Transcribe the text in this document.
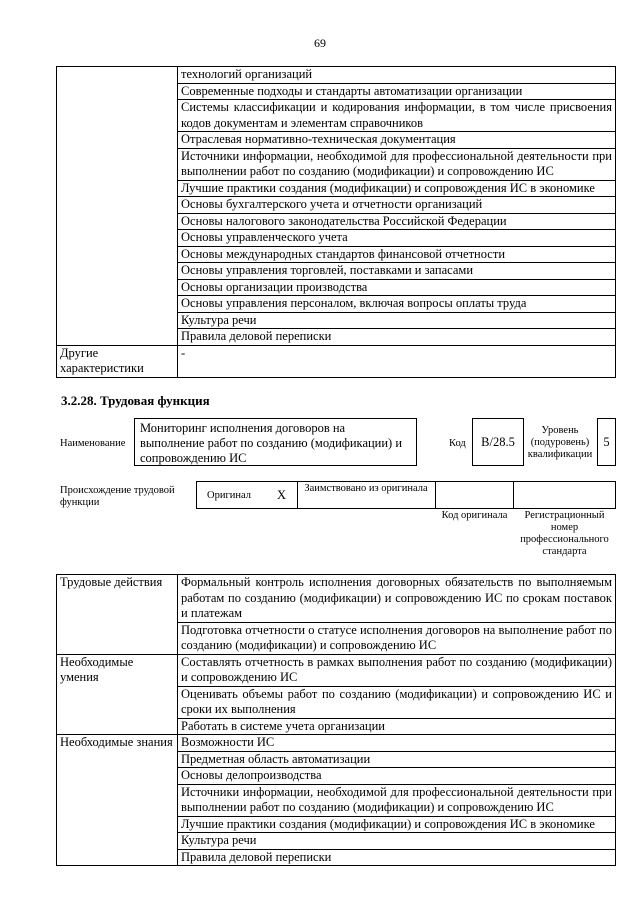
69
	технологий организаций
	Современные подходы и стандарты автоматизации организации
	Системы классификации и кодирования информации, в том числе присвоения кодов документам и элементам справочников
	Отраслевая нормативно-техническая документация
	Источники информации, необходимой для профессиональной деятельности при выполнении работ по созданию (модификации) и сопровождению ИС
	Лучшие практики создания (модификации) и сопровождения ИС в экономике
	Основы бухгалтерского учета и отчетности организаций
	Основы налогового законодательства Российской Федерации
	Основы управленческого учета
	Основы международных стандартов финансовой отчетности
	Основы управления торговлей, поставками и запасами
	Основы организации производства
	Основы управления персоналом, включая вопросы оплаты труда
	Культура речи
	Правила деловой переписки
Другие характеристики	-
3.2.28. Трудовая функция
Наименование
Мониторинг исполнения договоров на выполнение работ по созданию (модификации) и сопровождению ИС
Код	B/28.5
Уровень (подуровень) квалификации
5
Происхождение трудовой функции
Оригинал X	Заимствовано из оригинала
Код оригинала	Регистрационный номер профессионального стандарта
Трудовые действия	Формальный контроль исполнения договорных обязательств по выполняемым работам по созданию (модификации) и сопровождению ИС по срокам поставок и платежам
	Подготовка отчетности о статусе исполнения договоров на выполнение работ по созданию (модификации) и сопровождению ИС
Необходимые умения	Составлять отчетность в рамках выполнения работ по созданию (модификации) и сопровождению ИС
	Оценивать объемы работ по созданию (модификации) и сопровождению ИС и сроки их выполнения
	Работать в системе учета организации
Необходимые знания	Возможности ИС
	Предметная область автоматизации
	Основы делопроизводства
	Источники информации, необходимой для профессиональной деятельности при выполнении работ по созданию (модификации) и сопровождению ИС
	Лучшие практики создания (модификации) и сопровождения ИС в экономике
	Культура речи
	Правила деловой переписки
